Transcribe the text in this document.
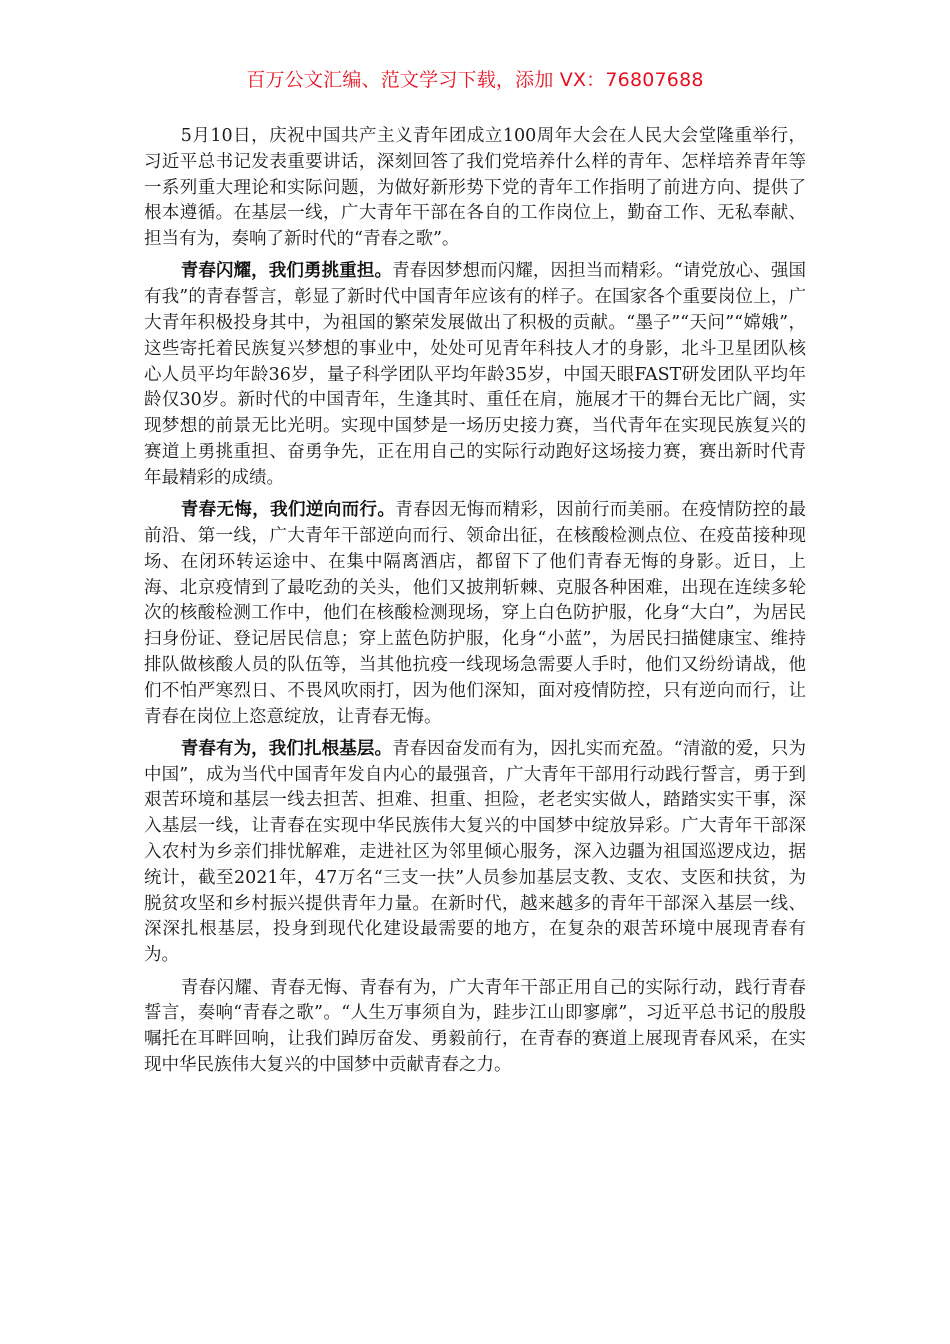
百万公文汇编、范文学习下载，添加 VX：76807688

5月10日，庆祝中国共产主义青年团成立100周年大会在人民大会堂隆重举行，习近平总书记发表重要讲话，深刻回答了我们党培养什么样的青年、怎样培养青年等一系列重大理论和实际问题，为做好新形势下党的青年工作指明了前进方向、提供了根本遵循。在基层一线，广大青年干部在各自的工作岗位上，勤奋工作、无私奉献、担当有为，奏响了新时代的“青春之歌”。

青春闪耀，我们勇挑重担。青春因梦想而闪耀，因担当而精彩。“请党放心、强国有我”的青春誓言，彰显了新时代中国青年应该有的样子。在国家各个重要岗位上，广大青年积极投身其中，为祖国的繁荣发展做出了积极的贡献。“墨子”“天问”“嫦娥”，这些寄托着民族复兴梦想的事业中，处处可见青年科技人才的身影，北斗卫星团队核心人员平均年龄36岁，量子科学团队平均年龄35岁，中国天眼FAST研发团队平均年龄仅30岁。新时代的中国青年，生逢其时、重任在肩，施展才干的舞台无比广阔，实现梦想的前景无比光明。实现中国梦是一场历史接力赛，当代青年在实现民族复兴的赛道上勇挑重担、奋勇争先，正在用自己的实际行动跑好这场接力赛，赛出新时代青年最精彩的成绩。

青春无悔，我们逆向而行。青春因无悔而精彩，因前行而美丽。在疫情防控的最前沿、第一线，广大青年干部逆向而行、领命出征，在核酸检测点位、在疫苗接种现场、在闭环转运途中、在集中隔离酒店，都留下了他们青春无悔的身影。近日，上海、北京疫情到了最吃劲的关头，他们又披荆斩棘、克服各种困难，出现在连续多轮次的核酸检测工作中，他们在核酸检测现场，穿上白色防护服，化身“大白”，为居民扫身份证、登记居民信息；穿上蓝色防护服，化身“小蓝”，为居民扫描健康宝、维持排队做核酸人员的队伍等，当其他抗疫一线现场急需要人手时，他们又纷纷请战，他们不怕严寒烈日、不畏风吹雨打，因为他们深知，面对疫情防控，只有逆向而行，让青春在岗位上恣意绽放，让青春无悔。

青春有为，我们扎根基层。青春因奋发而有为，因扎实而充盈。“清澈的爱，只为中国”，成为当代中国青年发自内心的最强音，广大青年干部用行动践行誓言，勇于到艰苦环境和基层一线去担苦、担难、担重、担险，老老实实做人，踏踏实实干事，深入基层一线，让青春在实现中华民族伟大复兴的中国梦中绽放异彩。广大青年干部深入农村为乡亲们排忧解难，走进社区为邻里倾心服务，深入边疆为祖国巡逻戍边，据统计，截至2021年，47万名“三支一扶”人员参加基层支教、支农、支医和扶贫，为脱贫攻坚和乡村振兴提供青年力量。在新时代，越来越多的青年干部深入基层一线、深深扎根基层，投身到现代化建设最需要的地方，在复杂的艰苦环境中展现青春有为。

青春闪耀、青春无悔、青春有为，广大青年干部正用自己的实际行动，践行青春誓言，奏响“青春之歌”。“人生万事须自为，跬步江山即寥廓”，习近平总书记的殷殷嘱托在耳畔回响，让我们踔厉奋发、勇毅前行，在青春的赛道上展现青春风采，在实现中华民族伟大复兴的中国梦中贡献青春之力。
